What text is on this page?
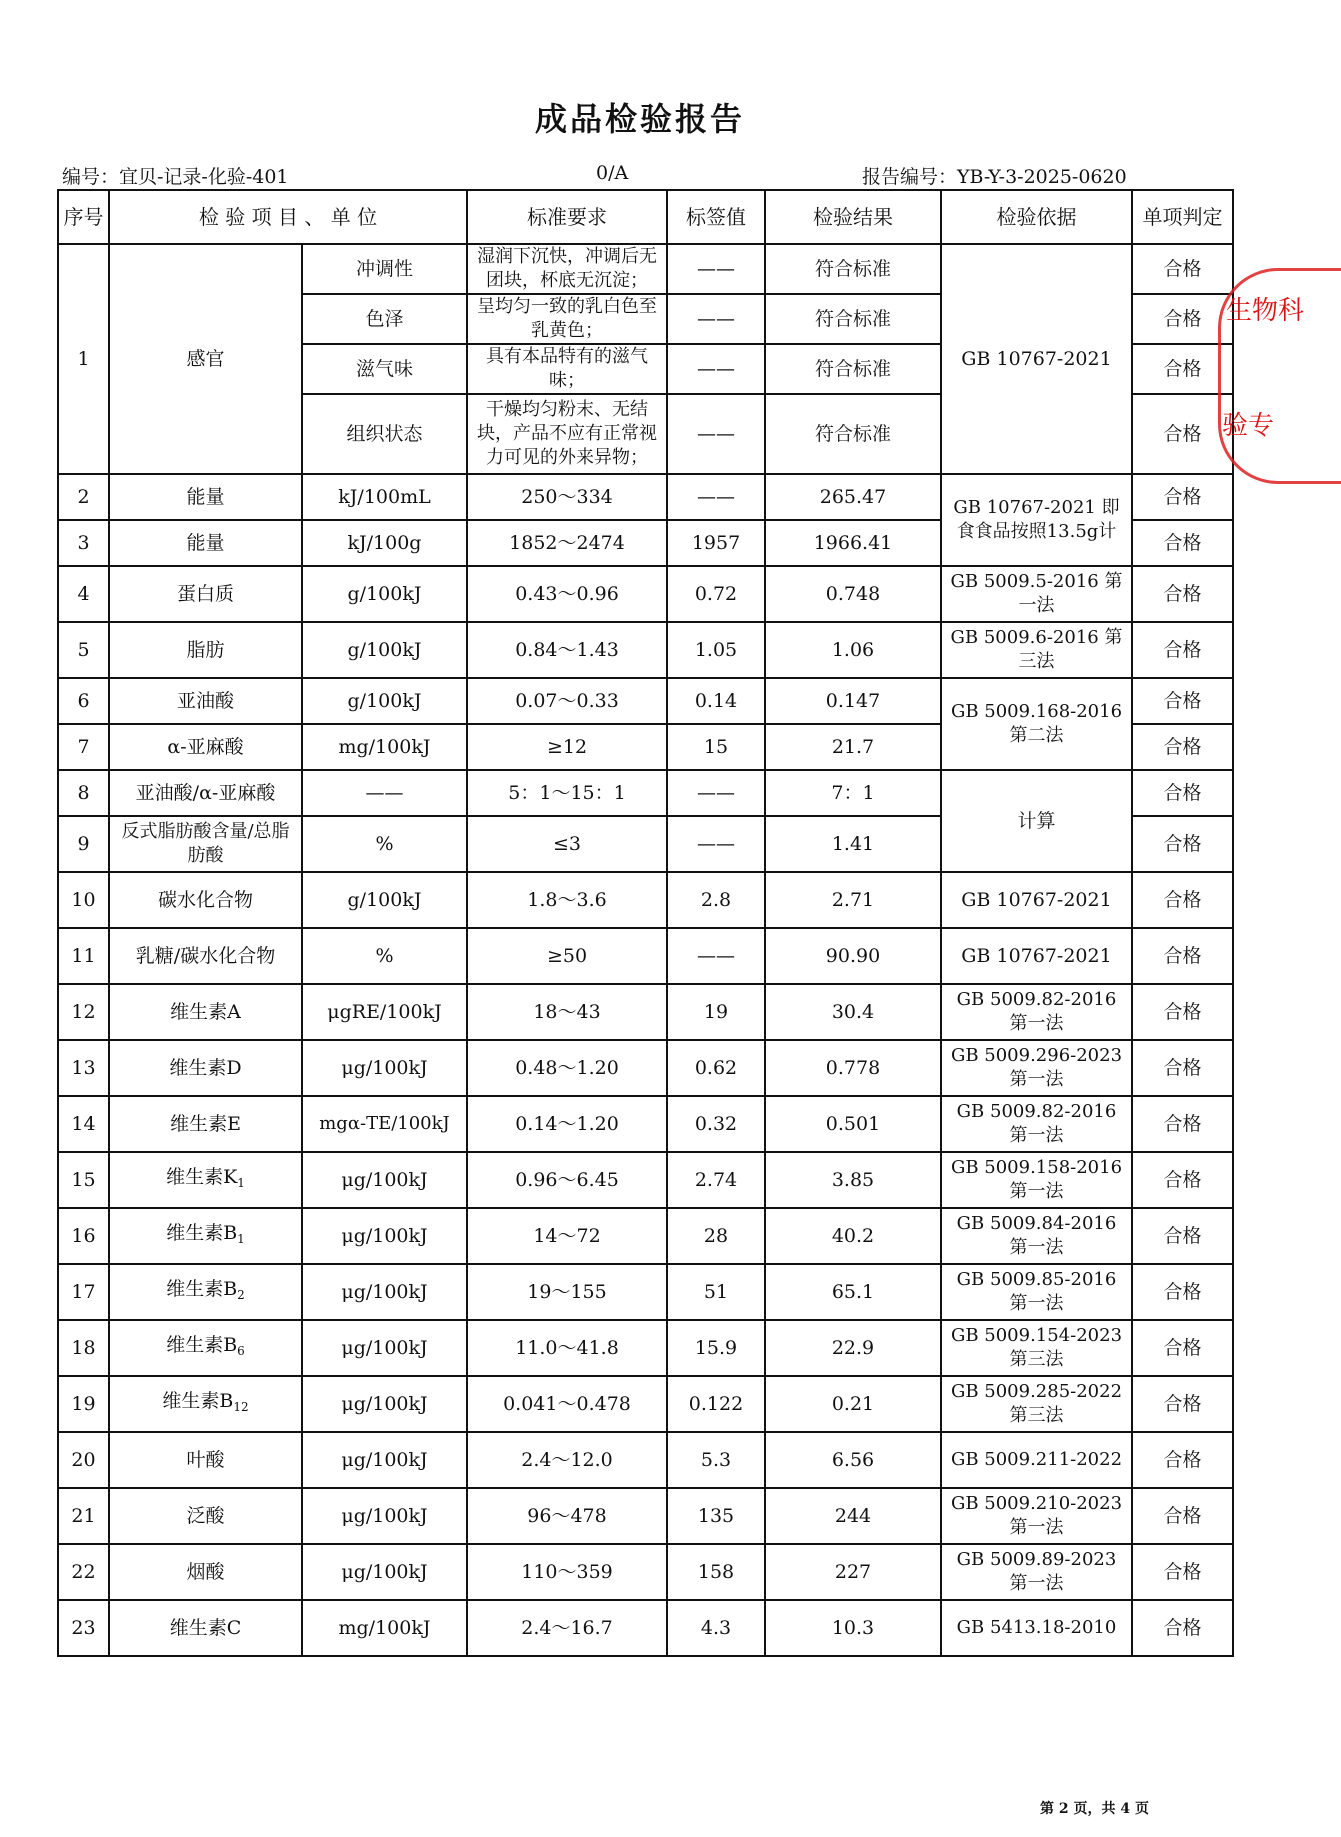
成品检验报告
编号：宜贝-记录-化验-401	0/A	报告编号：YB-Y-3-2025-0620
序号	检 验 项 目 、 单 位		标准要求	标签值	检验结果	检验依据	单项判定
1	感官	冲调性	湿润下沉快，冲调后无团块，杯底无沉淀；	——	符合标准	GB 10767-2021	合格
		色泽	呈均匀一致的乳白色至乳黄色；	——	符合标准		合格
		滋气味	具有本品特有的滋气味；	——	符合标准		合格
		组织状态	干燥均匀粉末、无结块，产品不应有正常视力可见的外来异物；	——	符合标准		合格
2	能量	kJ/100mL	250～334	——	265.47	GB 10767-2021 即食食品按照13.5g计	合格
3	能量	kJ/100g	1852～2474	1957	1966.41		合格
4	蛋白质	g/100kJ	0.43～0.96	0.72	0.748	GB 5009.5-2016 第一法	合格
5	脂肪	g/100kJ	0.84～1.43	1.05	1.06	GB 5009.6-2016 第三法	合格
6	亚油酸	g/100kJ	0.07～0.33	0.14	0.147	GB 5009.168-2016 第二法	合格
7	α-亚麻酸	mg/100kJ	≥12	15	21.7		合格
8	亚油酸/α-亚麻酸	——	5：1～15：1	——	7：1	计算	合格
9	反式脂肪酸含量/总脂肪酸	%	≤3	——	1.41		合格
10	碳水化合物	g/100kJ	1.8～3.6	2.8	2.71	GB 10767-2021	合格
11	乳糖/碳水化合物	%	≥50	——	90.90	GB 10767-2021	合格
12	维生素A	μgRE/100kJ	18～43	19	30.4	GB 5009.82-2016 第一法	合格
13	维生素D	μg/100kJ	0.48～1.20	0.62	0.778	GB 5009.296-2023 第一法	合格
14	维生素E	mgα-TE/100kJ	0.14～1.20	0.32	0.501	GB 5009.82-2016 第一法	合格
15	维生素$K_1$	μg/100kJ	0.96～6.45	2.74	3.85	GB 5009.158-2016 第一法	合格
16	维生素$B_1$	μg/100kJ	14～72	28	40.2	GB 5009.84-2016 第一法	合格
17	维生素$B_2$	μg/100kJ	19～155	51	65.1	GB 5009.85-2016 第一法	合格
18	维生素$B_6$	μg/100kJ	11.0～41.8	15.9	22.9	GB 5009.154-2023 第三法	合格
19	维生素$B_{12}$	μg/100kJ	0.041～0.478	0.122	0.21	GB 5009.285-2022 第三法	合格
20	叶酸	μg/100kJ	2.4～12.0	5.3	6.56	GB 5009.211-2022	合格
21	泛酸	μg/100kJ	96～478	135	244	GB 5009.210-2023 第一法	合格
22	烟酸	μg/100kJ	110～359	158	227	GB 5009.89-2023 第一法	合格
23	维生素C	mg/100kJ	2.4～16.7	4.3	10.3	GB 5413.18-2010	合格
生物科
验专
第 2 页，共 4 页
